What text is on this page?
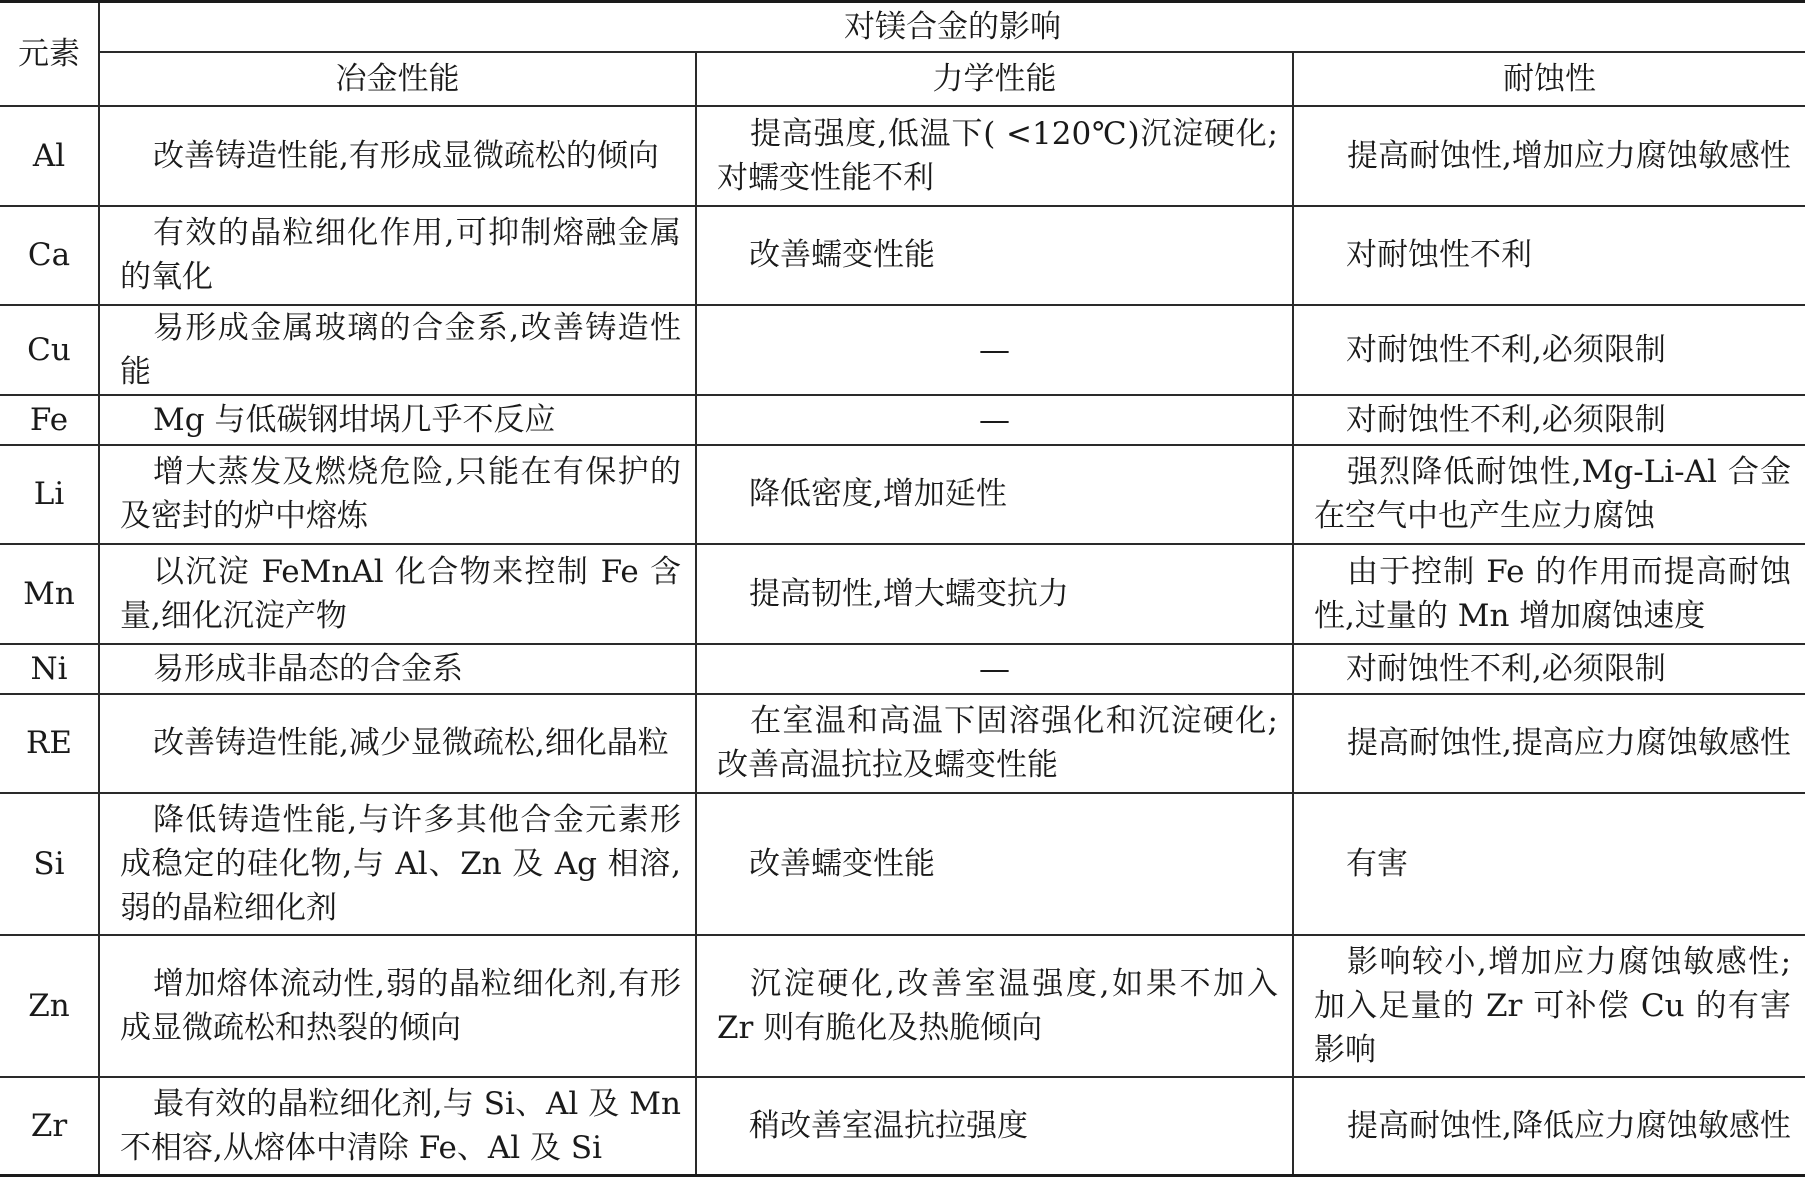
元素	对镁合金的影响		
	冶金性能	力学性能	耐蚀性
Al	改善铸造性能,有形成显微疏松的倾向	提高强度,低温下( <120℃)沉淀硬化;对蠕变性能不利	提高耐蚀性,增加应力腐蚀敏感性
Ca	有效的晶粒细化作用,可抑制熔融金属的氧化	改善蠕变性能	对耐蚀性不利
Cu	易形成金属玻璃的合金系,改善铸造性能	—	对耐蚀性不利,必须限制
Fe	Mg 与低碳钢坩埚几乎不反应	—	对耐蚀性不利,必须限制
Li	增大蒸发及燃烧危险,只能在有保护的及密封的炉中熔炼	降低密度,增加延性	强烈降低耐蚀性,Mg-Li-Al 合金在空气中也产生应力腐蚀
Mn	以沉淀 FeMnAl 化合物来控制 Fe 含量,细化沉淀产物	提高韧性,增大蠕变抗力	由于控制 Fe 的作用而提高耐蚀性,过量的 Mn 增加腐蚀速度
Ni	易形成非晶态的合金系	—	对耐蚀性不利,必须限制
RE	改善铸造性能,减少显微疏松,细化晶粒	在室温和高温下固溶强化和沉淀硬化;改善高温抗拉及蠕变性能	提高耐蚀性,提高应力腐蚀敏感性
Si	降低铸造性能,与许多其他合金元素形成稳定的硅化物,与 Al、Zn 及 Ag 相溶,弱的晶粒细化剂	改善蠕变性能	有害
Zn	增加熔体流动性,弱的晶粒细化剂,有形成显微疏松和热裂的倾向	沉淀硬化,改善室温强度,如果不加入 Zr 则有脆化及热脆倾向	影响较小,增加应力腐蚀敏感性;加入足量的 Zr 可补偿 Cu 的有害影响
Zr	最有效的晶粒细化剂,与 Si、Al 及 Mn 不相容,从熔体中清除 Fe、Al 及 Si	稍改善室温抗拉强度	提高耐蚀性,降低应力腐蚀敏感性
